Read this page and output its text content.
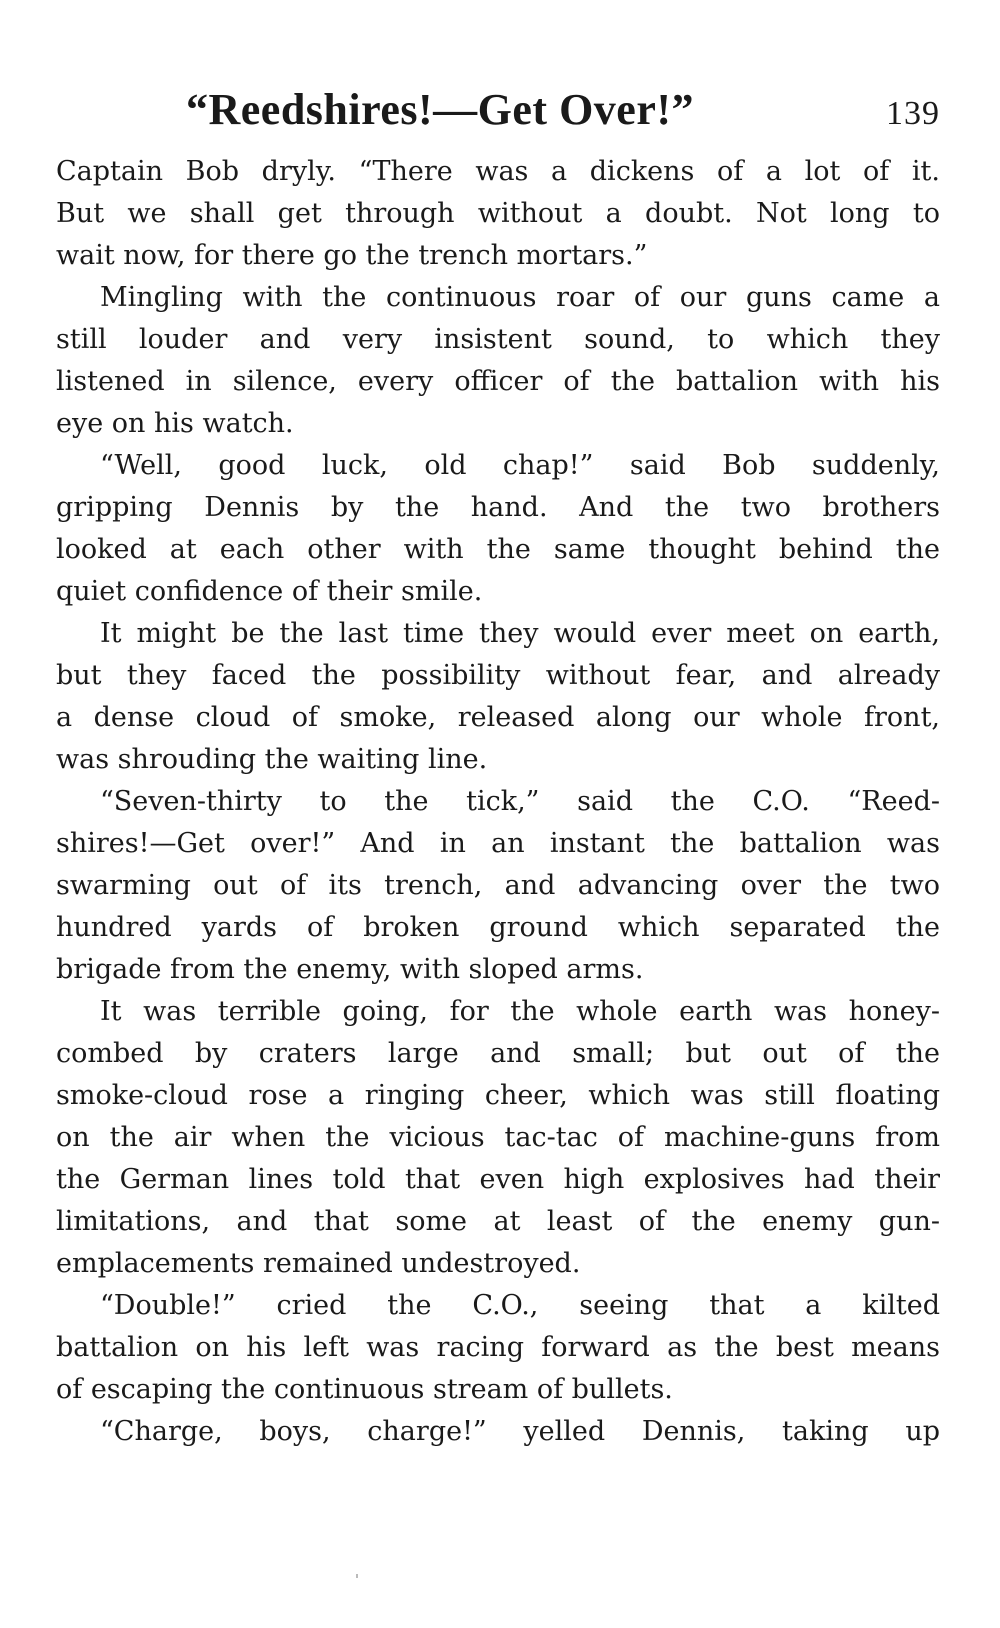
“Reedshires!—Get Over!”	139
Captain Bob dryly. “There was a dickens of a lot of it.
But we shall get through without a doubt. Not long to
wait now, for there go the trench mortars.”
Mingling with the continuous roar of our guns came a
still louder and very insistent sound, to which they
listened in silence, every officer of the battalion with his
eye on his watch.
“Well, good luck, old chap!” said Bob suddenly,
gripping Dennis by the hand. And the two brothers
looked at each other with the same thought behind the
quiet confidence of their smile.
It might be the last time they would ever meet on earth,
but they faced the possibility without fear, and already
a dense cloud of smoke, released along our whole front,
was shrouding the waiting line.
“Seven-thirty to the tick,” said the C.O. “Reed-
shires!—Get over!” And in an instant the battalion was
swarming out of its trench, and advancing over the two
hundred yards of broken ground which separated the
brigade from the enemy, with sloped arms.
It was terrible going, for the whole earth was honey-
combed by craters large and small; but out of the
smoke-cloud rose a ringing cheer, which was still floating
on the air when the vicious tac-tac of machine-guns from
the German lines told that even high explosives had their
limitations, and that some at least of the enemy gun-
emplacements remained undestroyed.
“Double!” cried the C.O., seeing that a kilted
battalion on his left was racing forward as the best means
of escaping the continuous stream of bullets.
“Charge, boys, charge!” yelled Dennis, taking up
